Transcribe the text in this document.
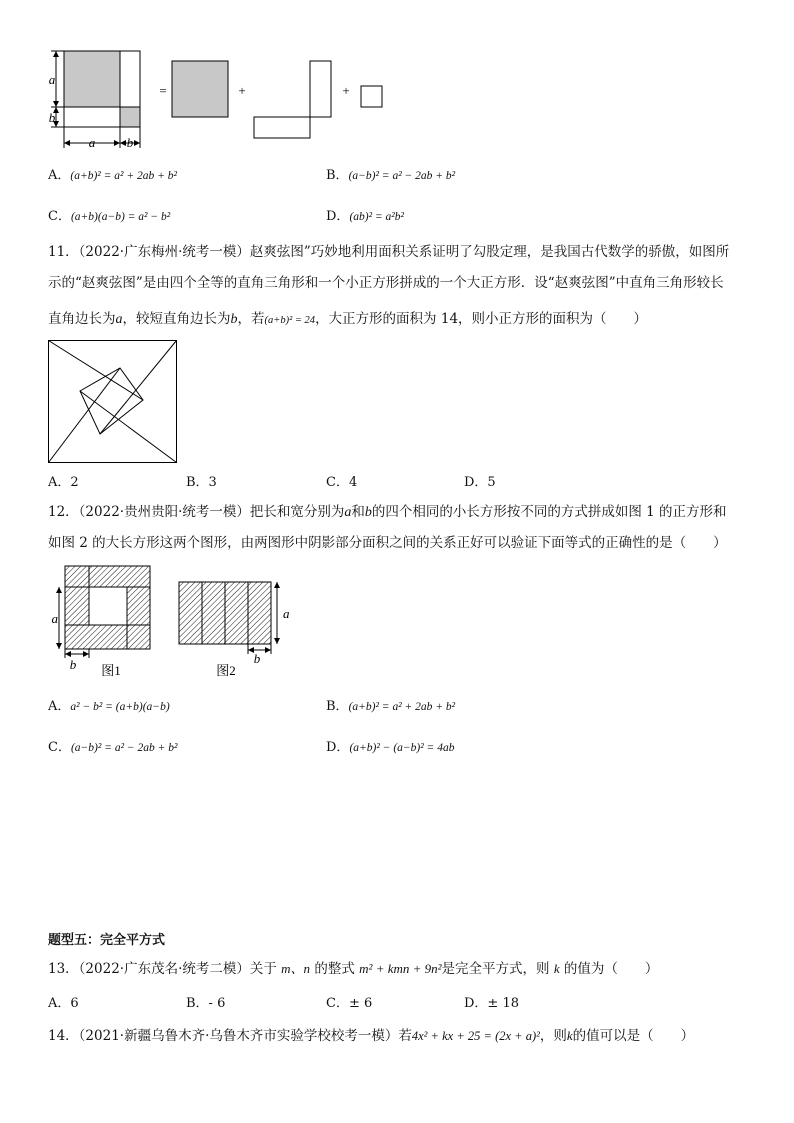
a
b
a b
=	+	+
A．(a+b)² = a² + 2ab + b²	B．(a−b)² = a² − 2ab + b²
C．(a+b)(a−b) = a² − b²	D．(ab)² = a²b²
11．（2022·广东梅州·统考一模）赵爽弦图”巧妙地利用面积关系证明了勾股定理，是我国古代数学的骄傲，如图所
示的“赵爽弦图”是由四个全等的直角三角形和一个小正方形拼成的一个大正方形．设“赵爽弦图”中直角三角形较长
直角边长为a，较短直角边长为b，若(a+b)² = 24，大正方形的面积为 14，则小正方形的面积为（　　）
A．2	B．3	C．4	D．5
12．（2022·贵州贵阳·统考一模）把长和宽分别为a和b的四个相同的小长方形按不同的方式拼成如图 1 的正方形和
如图 2 的大长方形这两个图形，由两图形中阴影部分面积之间的关系正好可以验证下面等式的正确性的是（　　）
a
b 图1
a
b
图2
A．a² − b² = (a+b)(a−b)	B．(a+b)² = a² + 2ab + b²
C．(a−b)² = a² − 2ab + b²	D．(a+b)² − (a−b)² = 4ab
题型五：完全平方式
13．（2022·广东茂名·统考二模）关于 m、n 的整式 m² + kmn + 9n²是完全平方式，则 k 的值为（　　）
A．6	B．- 6	C．± 6	D．± 18
14．（2021·新疆乌鲁木齐·乌鲁木齐市实验学校校考一模）若4x² + kx + 25 = (2x + a)²，则k的值可以是（　　）
